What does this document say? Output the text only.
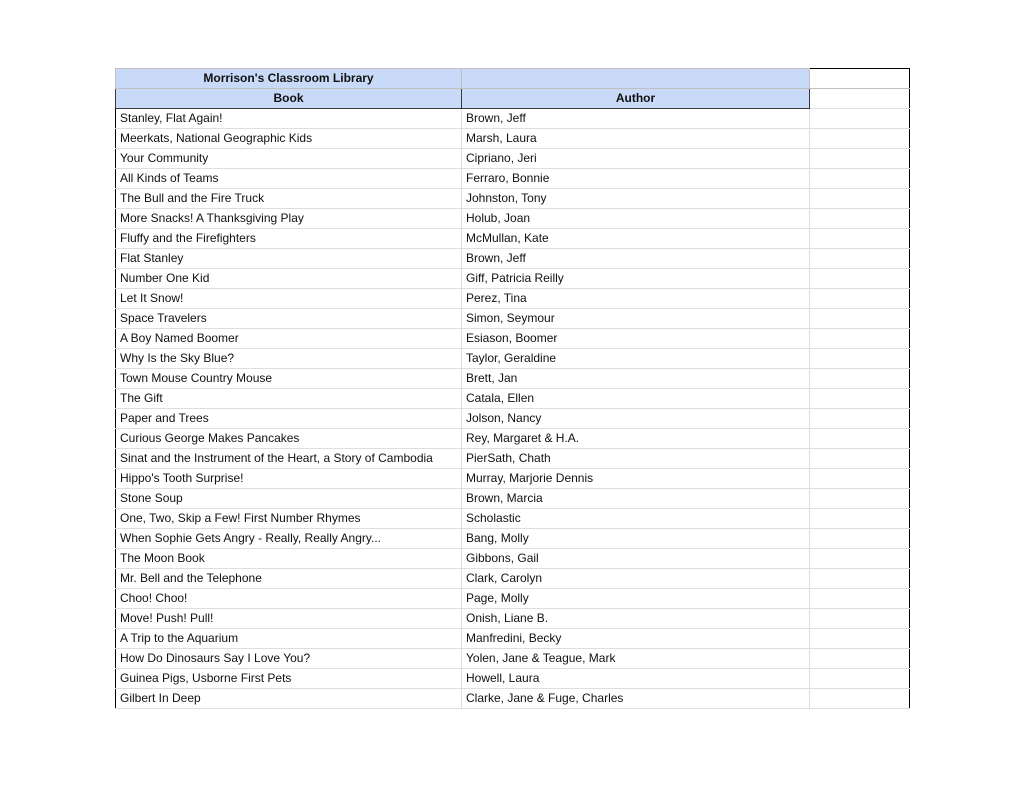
Morrison's Classroom Library		
Book	Author	
Stanley, Flat Again!	Brown, Jeff	
Meerkats, National Geographic Kids	Marsh, Laura	
Your Community	Cipriano, Jeri	
All Kinds of Teams	Ferraro, Bonnie	
The Bull and the Fire Truck	Johnston, Tony	
More Snacks! A Thanksgiving Play	Holub, Joan	
Fluffy and the Firefighters	McMullan, Kate	
Flat Stanley	Brown, Jeff	
Number One Kid	Giff, Patricia Reilly	
Let It Snow!	Perez, Tina	
Space Travelers	Simon, Seymour	
A Boy Named Boomer	Esiason, Boomer	
Why Is the Sky Blue?	Taylor, Geraldine	
Town Mouse Country Mouse	Brett, Jan	
The Gift	Catala, Ellen	
Paper and Trees	Jolson, Nancy	
Curious George Makes Pancakes	Rey, Margaret & H.A.	
Sinat and the Instrument of the Heart, a Story of Cambodia	PierSath, Chath	
Hippo's Tooth Surprise!	Murray, Marjorie Dennis	
Stone Soup	Brown, Marcia	
One, Two, Skip a Few! First Number Rhymes	Scholastic	
When Sophie Gets Angry - Really, Really Angry...	Bang, Molly	
The Moon Book	Gibbons, Gail	
Mr. Bell and the Telephone	Clark, Carolyn	
Choo! Choo!	Page, Molly	
Move! Push! Pull!	Onish, Liane B.	
A Trip to the Aquarium	Manfredini, Becky	
How Do Dinosaurs Say I Love You?	Yolen, Jane & Teague, Mark	
Guinea Pigs, Usborne First Pets	Howell, Laura	
Gilbert In Deep	Clarke, Jane & Fuge, Charles	
